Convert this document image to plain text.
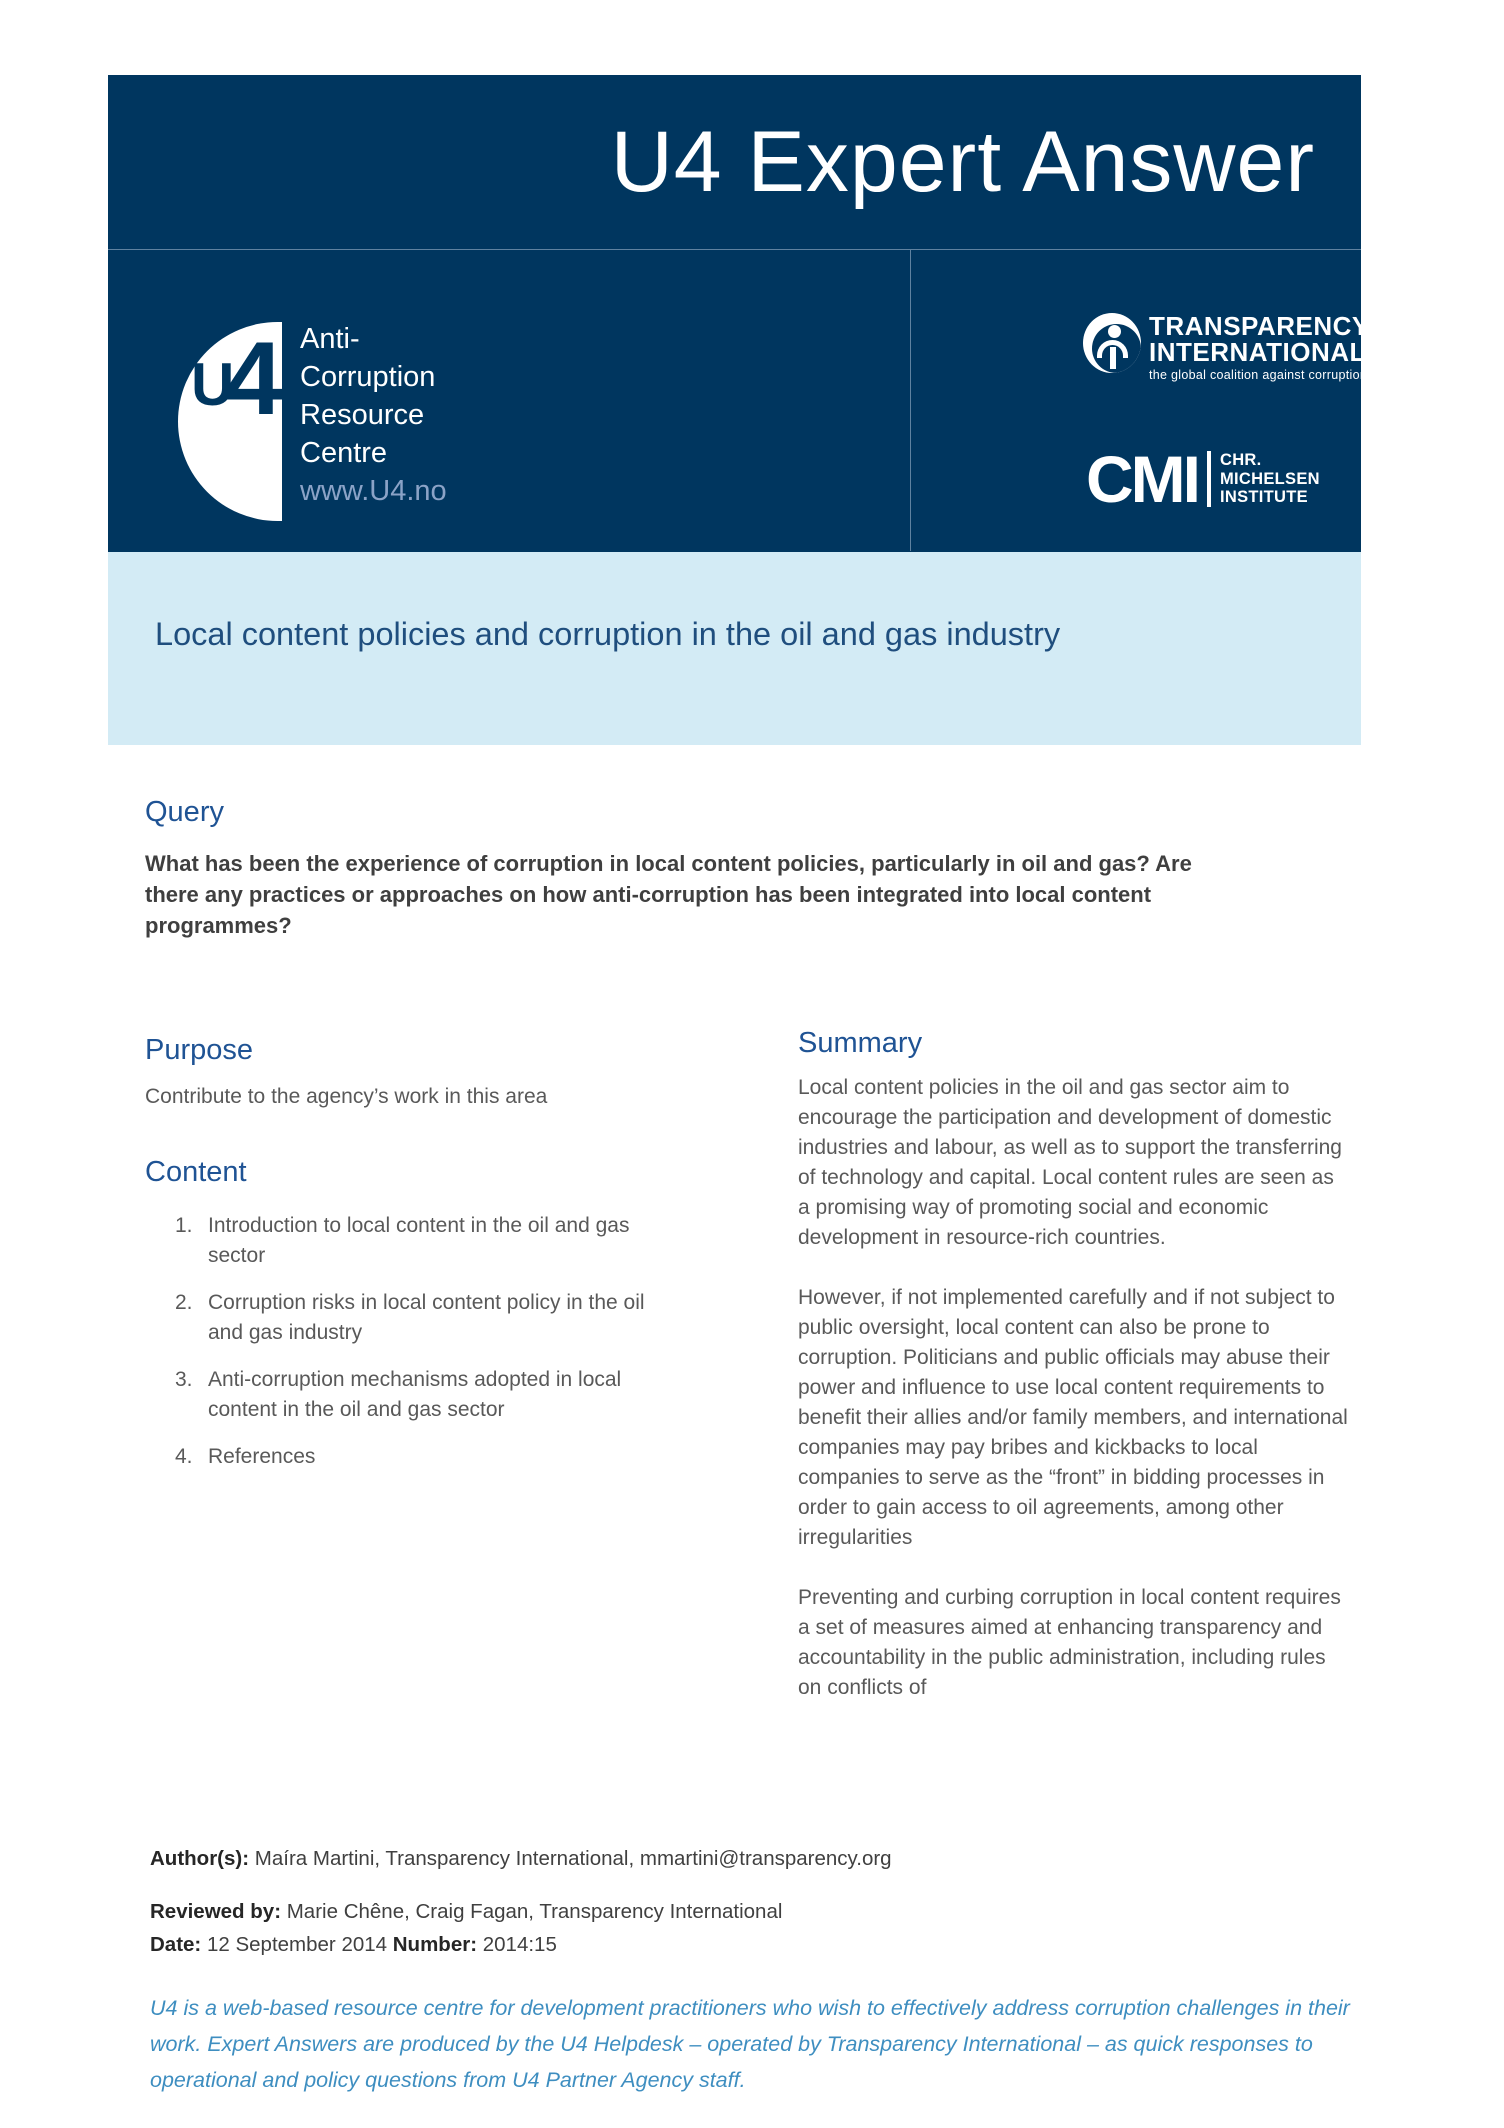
U4 Expert Answer
U
4 Anti-
Corruption
Resource
Centre
www.U4.no
TRANSPARENCY
INTERNATIONAL
the global coalition against corruption
CMI CHR.
MICHELSEN
INSTITUTE
Local content policies and corruption in the oil and gas industry
Query

What has been the experience of corruption in local content policies, particularly in oil and gas? Are there any practices or approaches on how anti-corruption has been integrated into local content programmes?

Purpose

Contribute to the agency’s work in this area

Content
1. Introduction to local content in the oil and gas sector
2. Corruption risks in local content policy in the oil and gas industry
3. Anti-corruption mechanisms adopted in local content in the oil and gas sector
4. References
Summary

Local content policies in the oil and gas sector aim to encourage the participation and development of domestic industries and labour, as well as to support the transferring of technology and capital. Local content rules are seen as a promising way of promoting social and economic development in resource-rich countries.

However, if not implemented carefully and if not subject to public oversight, local content can also be prone to corruption. Politicians and public officials may abuse their power and influence to use local content requirements to benefit their allies and/or family members, and international companies may pay bribes and kickbacks to local companies to serve as the “front” in bidding processes in order to gain access to oil agreements, among other irregularities

Preventing and curbing corruption in local content requires a set of measures aimed at enhancing transparency and accountability in the public administration, including rules on conflicts of

Author(s): Maíra Martini, Transparency International, mmartini@transparency.org

Reviewed by: Marie Chêne, Craig Fagan, Transparency International
Date: 12 September 2014 Number: 2014:15

U4 is a web-based resource centre for development practitioners who wish to effectively address corruption challenges in their work. Expert Answers are produced by the U4 Helpdesk – operated by Transparency International – as quick responses to operational and policy questions from U4 Partner Agency staff.
